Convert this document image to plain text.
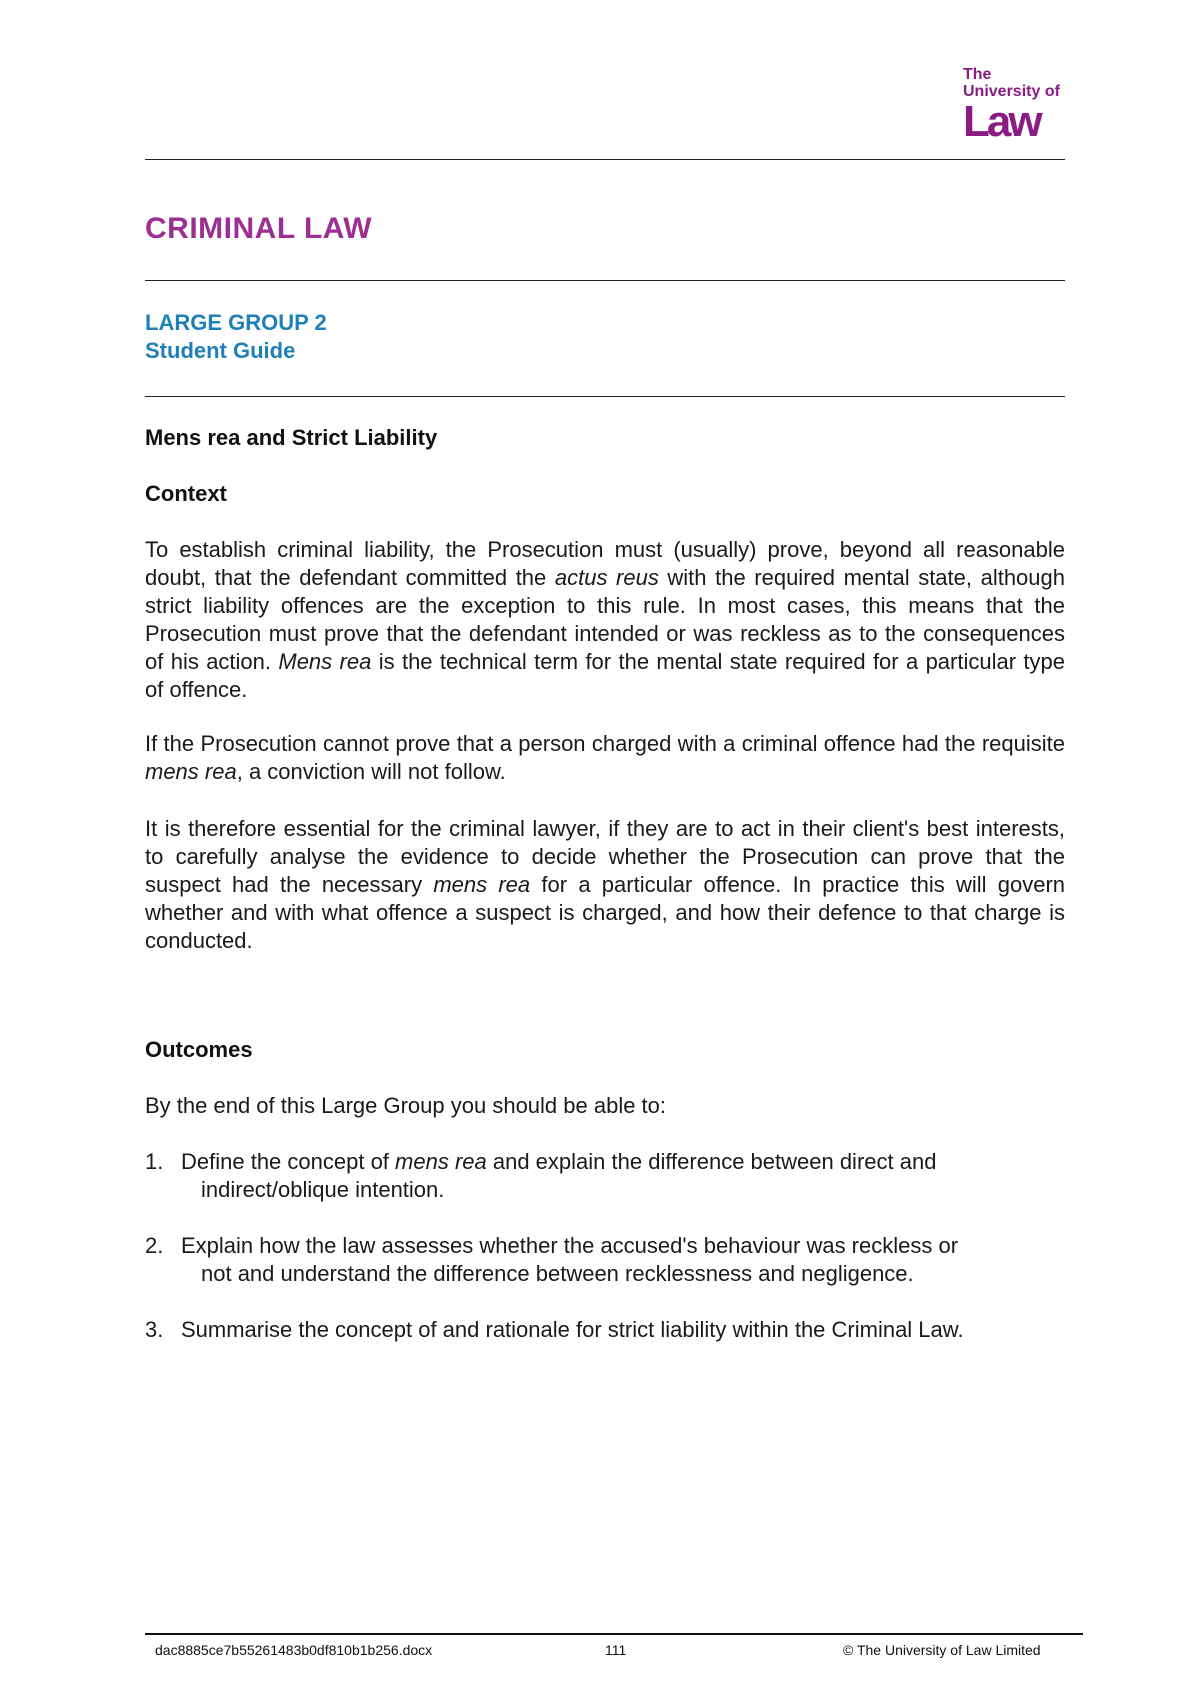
The
University of
Law
CRIMINAL LAW
LARGE GROUP 2
Student Guide
Mens rea and Strict Liability
Context

To establish criminal liability, the Prosecution must (usually) prove, beyond all reasonable doubt, that the defendant committed the actus reus with the required mental state, although strict liability offences are the exception to this rule. In most cases, this means that the Prosecution must prove that the defendant intended or was reckless as to the consequences of his action. Mens rea is the technical term for the mental state required for a particular type of offence.

If the Prosecution cannot prove that a person charged with a criminal offence had the requisite mens rea, a conviction will not follow.

It is therefore essential for the criminal lawyer, if they are to act in their client's best interests, to carefully analyse the evidence to decide whether the Prosecution can prove that the suspect had the necessary mens rea for a particular offence. In practice this will govern whether and with what offence a suspect is charged, and how their defence to that charge is conducted.

Outcomes

By the end of this Large Group you should be able to:

1. Define the concept of mens rea and explain the difference between direct and
indirect/oblique intention.
2. Explain how the law assesses whether the accused's behaviour was reckless or
not and understand the difference between recklessness and negligence.
3. Summarise the concept of and rationale for strict liability within the Criminal Law.
dac8885ce7b55261483b0df810b1b256.docx	111	© The University of Law Limited
